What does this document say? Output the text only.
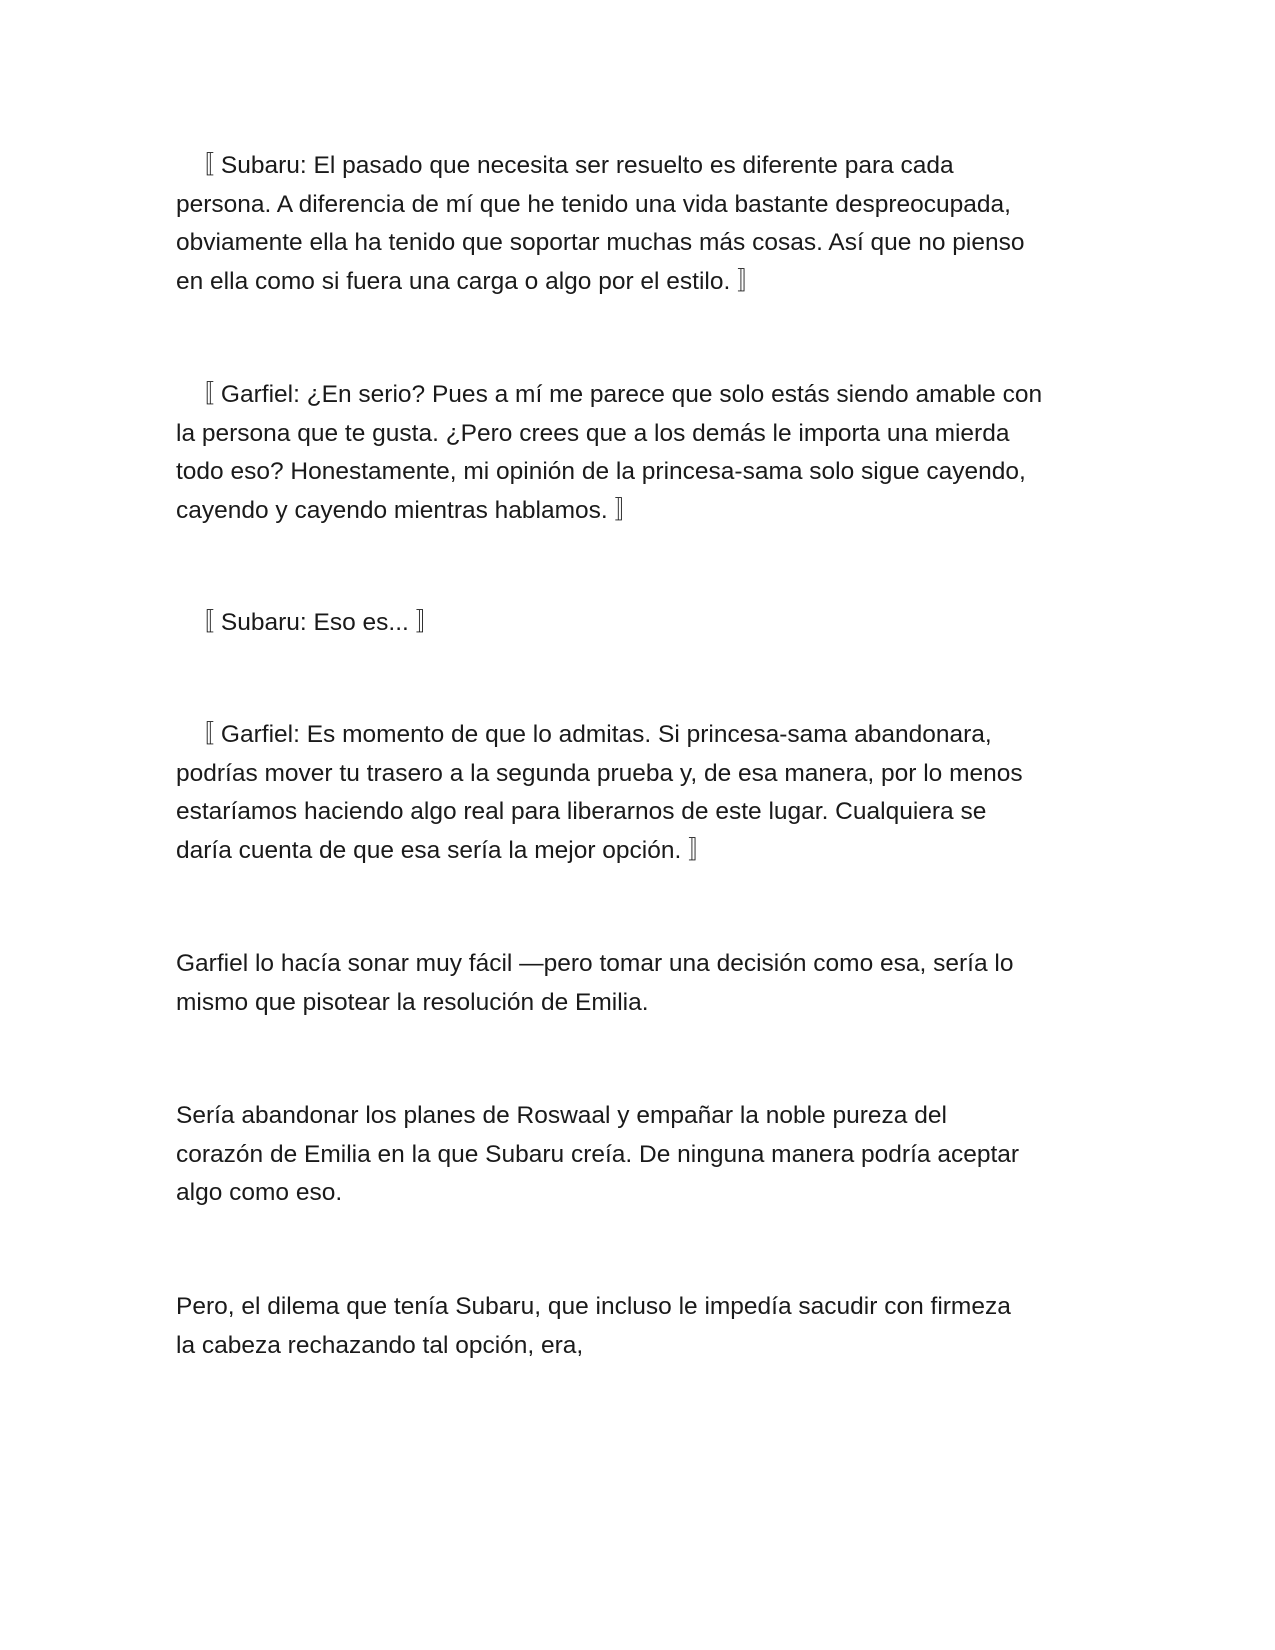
〚 Subaru: El pasado que necesita ser resuelto es diferente para cada
persona. A diferencia de mí que he tenido una vida bastante despreocupada,
obviamente ella ha tenido que soportar muchas más cosas. Así que no pienso
en ella como si fuera una carga o algo por el estilo. 〛
〚 Garfiel: ¿En serio? Pues a mí me parece que solo estás siendo amable con
la persona que te gusta. ¿Pero crees que a los demás le importa una mierda
todo eso? Honestamente, mi opinión de la princesa-sama solo sigue cayendo,
cayendo y cayendo mientras hablamos. 〛
〚 Subaru: Eso es... 〛
〚 Garfiel: Es momento de que lo admitas. Si princesa-sama abandonara,
podrías mover tu trasero a la segunda prueba y, de esa manera, por lo menos
estaríamos haciendo algo real para liberarnos de este lugar. Cualquiera se
daría cuenta de que esa sería la mejor opción. 〛
Garfiel lo hacía sonar muy fácil —pero tomar una decisión como esa, sería lo
mismo que pisotear la resolución de Emilia.
Sería abandonar los planes de Roswaal y empañar la noble pureza del
corazón de Emilia en la que Subaru creía. De ninguna manera podría aceptar
algo como eso.
Pero, el dilema que tenía Subaru, que incluso le impedía sacudir con firmeza
la cabeza rechazando tal opción, era,
